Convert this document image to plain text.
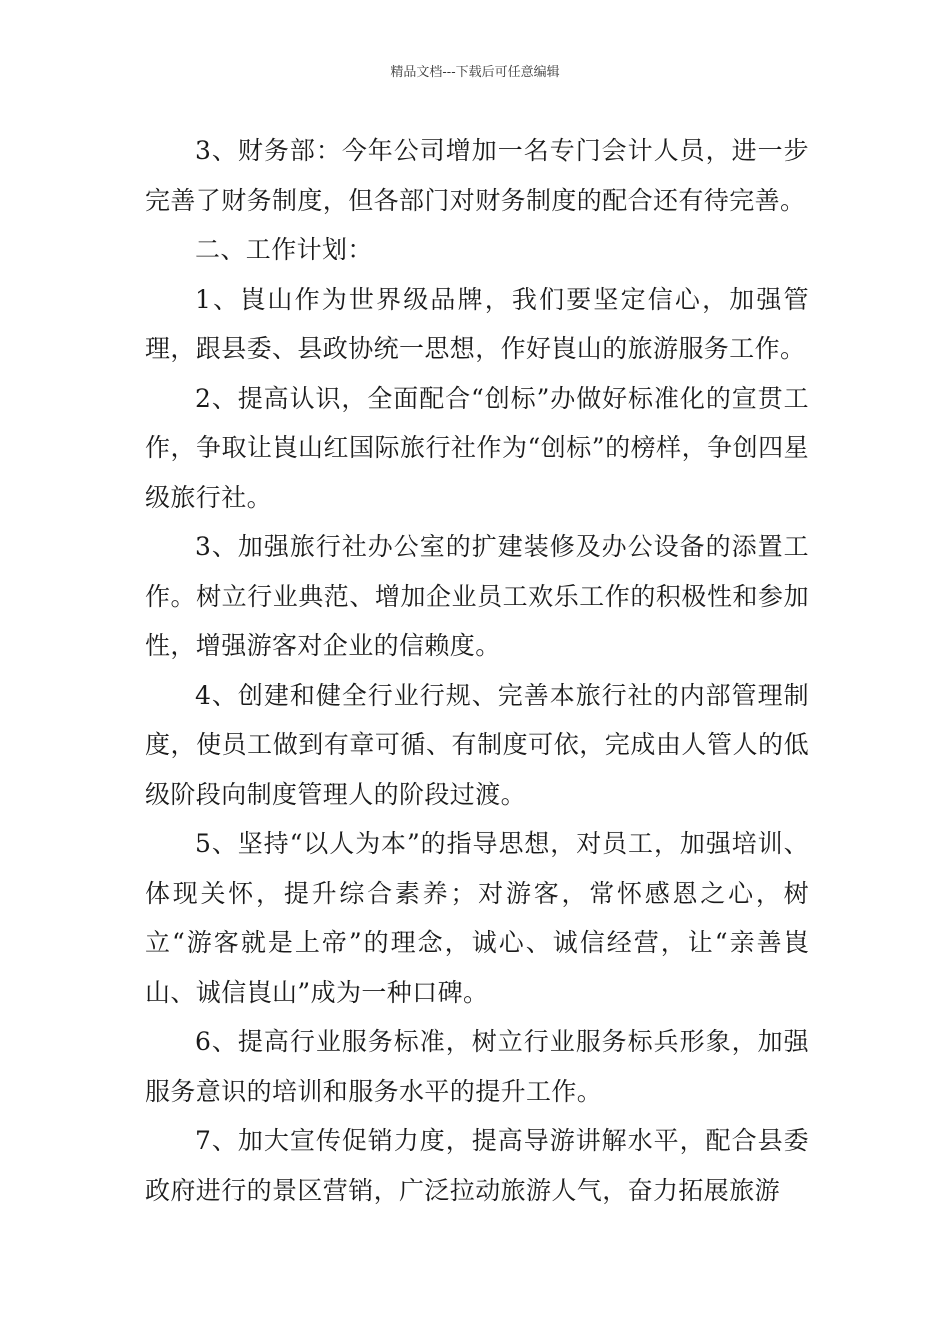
精品文档---下载后可任意编辑

3、财务部：今年公司增加一名专门会计人员，进一步完善了财务制度，但各部门对财务制度的配合还有待完善。

二、工作计划：

1、崀山作为世界级品牌，我们要坚定信心，加强管理，跟县委、县政协统一思想，作好崀山的旅游服务工作。

2、提高认识，全面配合“创标”办做好标准化的宣贯工作，争取让崀山红国际旅行社作为“创标”的榜样，争创四星级旅行社。

3、加强旅行社办公室的扩建装修及办公设备的添置工作。树立行业典范、增加企业员工欢乐工作的积极性和参加性，增强游客对企业的信赖度。

4、创建和健全行业行规、完善本旅行社的内部管理制度，使员工做到有章可循、有制度可依，完成由人管人的低级阶段向制度管理人的阶段过渡。

5、坚持“以人为本”的指导思想，对员工，加强培训、体现关怀，提升综合素养；对游客，常怀感恩之心，树立“游客就是上帝”的理念，诚心、诚信经营，让“亲善崀山、诚信崀山”成为一种口碑。

6、提高行业服务标准，树立行业服务标兵形象，加强服务意识的培训和服务水平的提升工作。

7、加大宣传促销力度，提高导游讲解水平，配合县委政府进行的景区营销，广泛拉动旅游人气，奋力拓展旅游
